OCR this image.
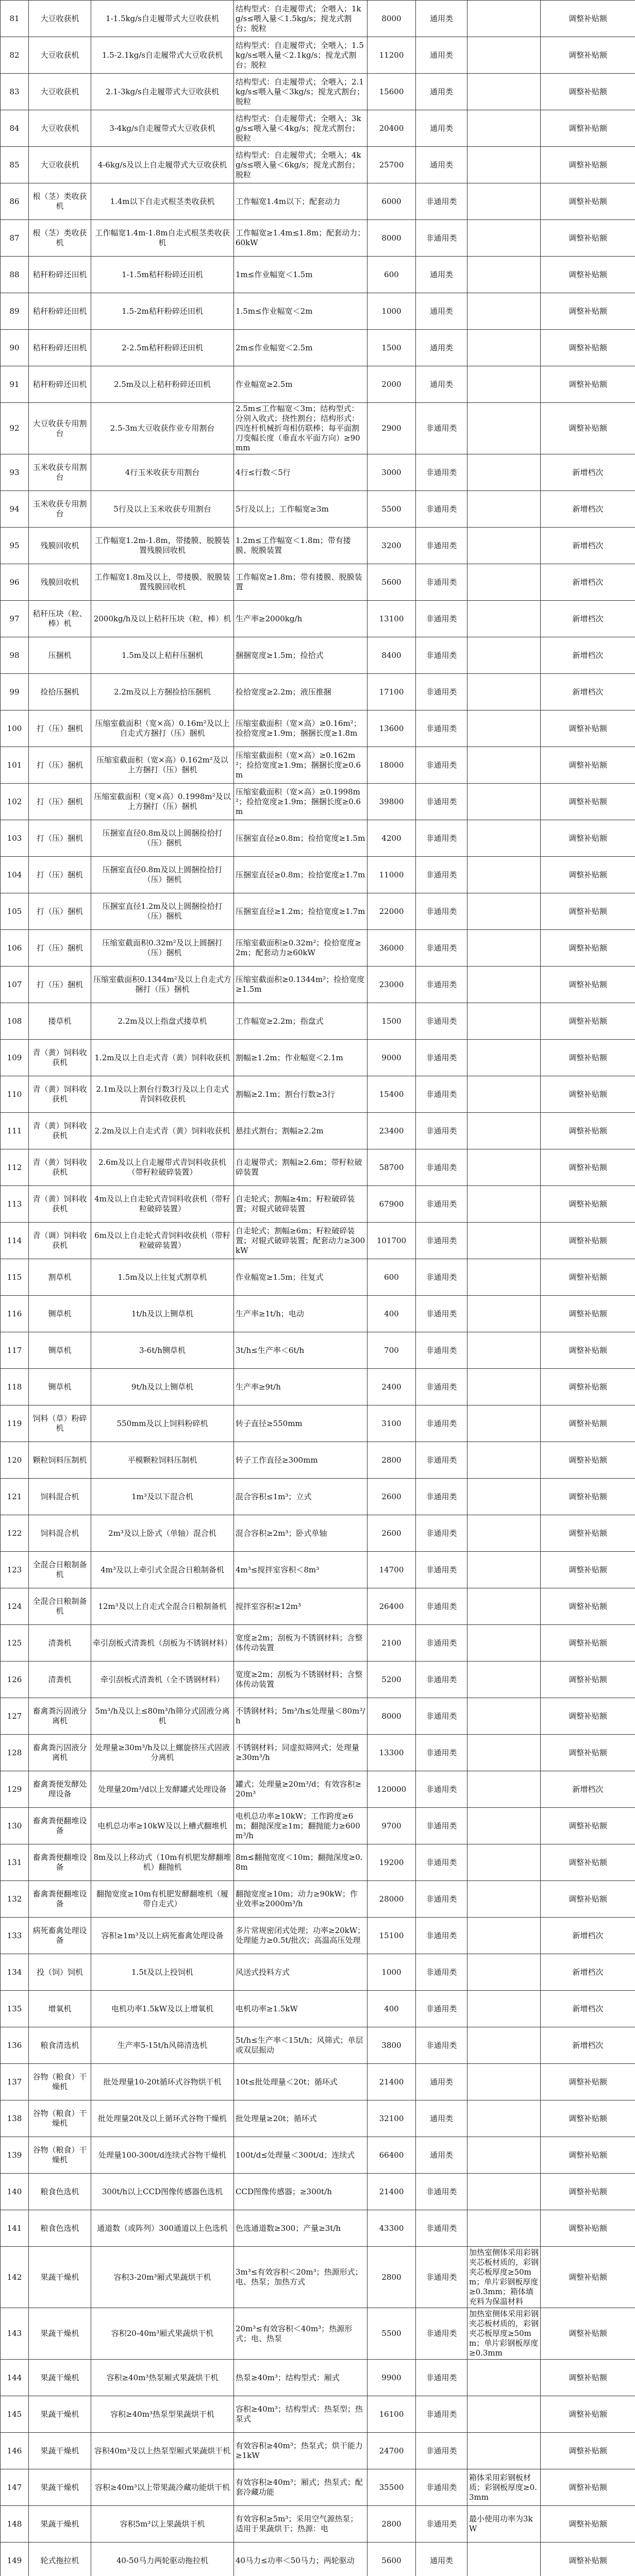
81	大豆收获机	1-1.5kg/s自走履带式大豆收获机	结构型式：自走履带式；全喂入；1kg/s≤喂入量＜1.5kg/s；搅龙式割台；脱粒	8000	通用类		调整补贴额
82	大豆收获机	1.5-2.1kg/s自走履带式大豆收获机	结构型式：自走履带式；全喂入；1.5kg/s≤喂入量＜2.1kg/s；搅龙式割台；脱粒	11200	通用类		调整补贴额
83	大豆收获机	2.1-3kg/s自走履带式大豆收获机	结构型式：自走履带式；全喂入；2.1kg/s≤喂入量＜3kg/s；搅龙式割台；脱粒	15600	通用类		调整补贴额
84	大豆收获机	3-4kg/s自走履带式大豆收获机	结构型式：自走履带式；全喂入；3kg/s≤喂入量＜4kg/s；搅龙式割台；脱粒	20400	通用类		调整补贴额
85	大豆收获机	4-6kg/s及以上自走履带式大豆收获机	结构型式：自走履带式；全喂入；4kg/s≤喂入量＜6kg/s；搅龙式割台；脱粒	25700	通用类		调整补贴额
86	根（茎）类收获机	1.4m以下自走式根茎类收获机	工作幅宽1.4m以下；配套动力	6000	非通用类		调整补贴额
87	根（茎）类收获机	工作幅宽1.4m-1.8m自走式根茎类收获机	工作幅宽≥1.4m≤1.8m；配套动力；60kW	8000	非通用类		调整补贴额
88	秸秆粉碎还田机	1-1.5m秸秆粉碎还田机	1m≤作业幅宽＜1.5m	600	通用类		调整补贴额
89	秸秆粉碎还田机	1.5-2m秸秆粉碎还田机	1.5m≤作业幅宽＜2m	1000	通用类		调整补贴额
90	秸秆粉碎还田机	2-2.5m秸秆粉碎还田机	2m≤作业幅宽＜2.5m	1500	通用类		调整补贴额
91	秸秆粉碎还田机	2.5m及以上秸秆粉碎还田机	作业幅宽≥2.5m	2000	通用类		调整补贴额
92	大豆收获专用割台	2.5-3m大豆收获作业专用割台	2.5m≤工作幅宽＜3m；结构型式：分别入收式；挠性割台；结构形式：四连杆机械折弯相仿联棒；每平面割刀变幅长度（垂直水平面方向）≥90mm	2900	非通用类		调整补贴额
93	玉米收获专用割台	4行玉米收获专用割台	4行≤行数＜5行	3000	非通用类		新增档次
94	玉米收获专用割台	5行及以上玉米收获专用割台	5行及以上；工作幅宽≥3m	5500	非通用类		新增档次
95	残膜回收机	工作幅宽1.2m-1.8m，带搂膜、脱膜装置残膜回收机	1.2m≤工作幅宽＜1.8m；带有搂膜、脱膜装置	3200	非通用类		新增档次
96	残膜回收机	工作幅宽1.8m及以上，带搂膜、脱膜装置残膜回收机	工作幅宽≥1.8m；带有搂膜、脱膜装置	5600	非通用类		新增档次
97	秸秆压块（粒、棒）机	2000kg/h及以上秸秆压块（粒、棒）机	生产率≥2000kg/h	13100	非通用类		新增档次
98	压捆机	1.5m及以上秸秆压捆机	捆捆宽度≥1.5m；捡拾式	8400	非通用类		新增档次
99	捡拾压捆机	2.2m及以上方捆捡拾压捆机	捡拾宽度≥2.2m；液压推捆	17100	非通用类		新增档次
100	打（压）捆机	压缩室截面积（宽×高）0.16m²及以上自走式方捆打（压）捆机	压缩室截面积（宽×高）≥0.16m²；捡拾宽度≥1.9m；捆捆长度≥1.8m	13600	非通用类		调整补贴额
101	打（压）捆机	压缩室截面积（宽×高）0.162m²及以上方捆打（压）捆机	压缩室截面积（宽×高）≥0.162m²；捡拾宽度≥1.9m；捆捆长度≥0.6m	18000	非通用类		调整补贴额
102	打（压）捆机	压缩室截面积（宽×高）0.1998m²及以上方捆打（压）捆机	压缩室截面积（宽×高）≥0.1998m²；捡拾宽度≥1.9m；捆捆长度≥0.6m	39800	非通用类		调整补贴额
103	打（压）捆机	压捆室直径0.8m及以上圆捆捡拾打（压）捆机	压捆室直径≥0.8m；捡拾宽度≥1.5m	4200	非通用类		调整补贴额
104	打（压）捆机	压捆室直径0.8m及以上圆捆捡拾打（压）捆机	压捆室直径≥0.8m；捡拾宽度≥1.7m	11000	非通用类		调整补贴额
105	打（压）捆机	压捆室直径1.2m及以上圆捆捡拾打（压）捆机	压捆室直径≥1.2m；捡拾宽度≥1.7m	22000	非通用类		调整补贴额
106	打（压）捆机	压缩室截面积0.32m²及以上圆捆打（压）捆机	压缩室截面积≥0.32m²；捡拾宽度≥2m；配套动力≥60kW	36000	非通用类		调整补贴额
107	打（压）捆机	压缩室截面积0.1344m²及以上自走式方捆打（压）捆机	压缩室截面积≥0.1344m²；捡拾宽度≥1.5m	23000	非通用类		调整补贴额
108	搂草机	2.2m及以上指盘式搂草机	工作幅宽≥2.2m；指盘式	1500	非通用类		调整补贴额
109	青（黄）饲料收获机	1.2m及以上自走式青（黄）饲料收获机	割幅≥1.2m；作业幅宽＜2.1m	9000	非通用类		调整补贴额
110	青（黄）饲料收获机	2.1m及以上割台行数3行及以上自走式青饲料收获机	割幅≥2.1m；割台行数≥3行	15400	非通用类		调整补贴额
111	青（黄）饲料收获机	2.2m及以上自走式青（黄）饲料收获机	悬挂式割台；割幅≥2.2m	23400	非通用类		调整补贴额
112	青（黄）饲料收获机	2.6m及以上自走履带式青饲料收获机（带籽粒破碎装置）	自走履带式；割幅≥2.6m；带籽粒破碎装置	58700	非通用类		调整补贴额
113	青（黄）饲料收获机	4m及以上自走轮式青饲料收获机（带籽粒破碎装置）	自走轮式；割幅≥4m；籽粒破碎装置；对辊式破碎装置	67900	非通用类		调整补贴额
114	青（调）饲料收获机	6m及以上自走轮式青饲料收获机（带籽粒破碎装置）	自走轮式；割幅≥6m；籽粒破碎装置；对辊式破碎装置；配套动力≥300kW	101700	非通用类		调整补贴额
115	割草机	1.5m及以上往复式割草机	作业幅宽≥1.5m；往复式	600	非通用类		调整补贴额
116	铡草机	1t/h及以上铡草机	生产率≥1t/h；电动	400	非通用类		调整补贴额
117	铡草机	3-6t/h铡草机	3t/h≤生产率＜6t/h	700	非通用类		调整补贴额
118	铡草机	9t/h及以上铡草机	生产率≥9t/h	2400	非通用类		调整补贴额
119	饲料（草）粉碎机	550mm及以上饲料粉碎机	转子直径≥550mm	3100	非通用类		调整补贴额
120	颗粒饲料压制机	平模颗粒饲料压制机	转子工作直径≥300mm	2800	非通用类		调整补贴额
121	饲料混合机	1m³及以下混合机	混合容积≤1m³；立式	2600	非通用类		调整补贴额
122	饲料混合机	2m³及以上卧式（单轴）混合机	混合容积≥2m³；卧式单轴	2600	非通用类		调整补贴额
123	全混合日粮制备机	4m³及以上牵引式全混合日粮制备机	4m³≤搅拌室容积＜8m³	14700	非通用类		调整补贴额
124	全混合日粮制备机	12m³及以上自走式全混合日粮制备机	搅拌室容积≥12m³	26400	非通用类		调整补贴额
125	清粪机	牵引刮板式清粪机（刮板为不锈钢材料）	宽度≥2m；刮板为不锈钢材料；含整体传动装置	2100	非通用类		调整补贴额
126	清粪机	牵引刮板式清粪机（全不锈钢材料）	宽度≥2m；刮板为不锈钢材料；含整体传动装置	5200	非通用类		调整补贴额
127	畜禽粪污固液分离机	5m³/h及以上≤80m³/h筛分式固液分离机	不锈钢材料；5m³/h≤处理量＜80m³/h	8000	非通用类		调整补贴额
128	畜禽粪污固液分离机	处理量≥30m³/h及以上螺旋挤压式固液分离机	不锈钢材料；同虚拟筛网式；处理量≥30m³/h	13300	非通用类		调整补贴额
129	畜禽粪便发酵处理设备	处理量20m³/d以上发酵罐式处理设备	罐式；处理量≥20m³/d；有效容积≥20m³	120000	非通用类		新增档次
130	畜禽粪便翻堆设备	电机总功率≥10kW及以上槽式翻堆机	电机总功率≥10kW；工作跨度≥6m；翻抛深度≥1m；翻抛能力≥600m³/h	9700	非通用类		调整补贴额
131	畜禽粪便翻堆设备	8m及以上移动式（10m有机肥发酵翻堆机）翻抛机	8m≤翻抛宽度＜10m；翻抛深度≥0.8m	19200	非通用类		调整补贴额
132	畜禽粪便翻堆设备	翻抛宽度≥10m有机肥发酵翻堆机（履带自走式）	翻抛宽度≥10m；动力≥90kW；作业效率≥2000m³/h	28000	非通用类		调整补贴额
133	病死畜禽处理设备	容积≥1m³及以上病死畜禽处理设备	多片常规密闭式处理；功率≥20kW；处理能力≥0.5t/批次；高温高压处理	15100	非通用类		新增档次
134	投（饲）饲机	1.5t及以上投饲机	风送式投料方式	1000	非通用类		新增档次
135	增氧机	电机功率1.5kW及以上增氧机	电机功率≥1.5kW	400	非通用类		新增档次
136	粮食清选机	生产率5-15t/h风筛清选机	5t/h≤生产率＜15t/h；风筛式；单层或双层振动	3800	非通用类		新增档次
137	谷物（粮食）干燥机	批处理量10-20t循环式谷物烘干机	10t≤批处理量＜20t；循环式	21400	通用类		调整补贴额
138	谷物（粮食）干燥机	批处理量20t及以上循环式谷物干燥机	批处理量≥20t；循环式	32100	通用类		调整补贴额
139	谷物（粮食）干燥机	处理量100-300t/d连续式谷物干燥机	100t/d≤处理量＜300t/d；连续式	66400	通用类		调整补贴额
140	粮食色选机	300t/h以上CCD图像传感器色选机	CCD图像传感器；≥300t/h	21400	非通用类		调整补贴额
141	粮食色选机	通道数（或阵列）300通道以上色选机	色选通道数≥300；产量≥3t/h	43300	非通用类		调整补贴额
142	果蔬干燥机	容积3-20m³厢式果蔬烘干机	3m³≤有效容积＜20m³；热源形式；电、热泵；加热方式	2800	非通用类	加热室侧体采用彩钢夹芯板材质的，彩钢夹芯板厚度≥50mm；单片彩钢板厚度≥0.3mm；箱体填充料为保温材料	调整补贴额
143	果蔬干燥机	容积20-40m³厢式果蔬烘干机	20m³≤有效容积＜40m³；热源形式；电、热泵	5500	非通用类	加热室侧体采用彩钢夹芯板材质的，彩钢夹芯板厚度≥50mm；单片彩钢板厚度≥0.3mm	调整补贴额
144	果蔬干燥机	容积≥40m³热泵厢式果蔬烘干机	热泵≥40m³；结构型式：厢式	9900	非通用类		调整补贴额
145	果蔬干燥机	容积≥40m³热泵型果蔬烘干机	容积≥40m³；结构型式：热泵型；热泵式	16100	非通用类		调整补贴额
146	果蔬干燥机	容积40m³及以上热泵型厢式果蔬烘干机	有效容积≥40m³；热泵式；烘干能力≥1kW	24700	非通用类		调整补贴额
147	果蔬干燥机	容积≥40m³以上带果蔬冷藏功能烘干机	有效容积≥40m³；厢式；热泵式；配套冷藏功能	35500	非通用类	箱体采用彩钢板材质；彩钢板厚度≥0.3mm	调整补贴额
148	果蔬干燥机	容积5m³以上果蔬烘干机	有效容积≥5m³；采用空气源热泵；适用于果蔬烘干；热源：电	2800	非通用类	最小使用功率为3kW	调整补贴额
149	轮式拖拉机	40-50马力两轮驱动拖拉机	40马力≤功率＜50马力；两轮驱动	5600	通用类		调整补贴额
